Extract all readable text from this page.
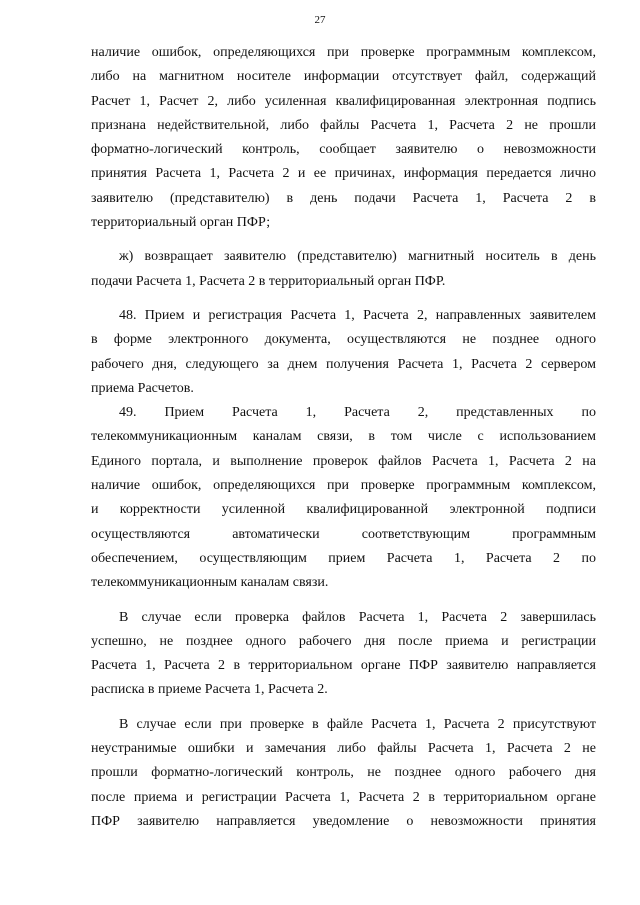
27
наличие ошибок, определяющихся при проверке программным комплексом,
либо на магнитном носителе информации отсутствует файл, содержащий
Расчет 1, Расчет 2, либо усиленная квалифицированная электронная подпись
признана недействительной, либо файлы Расчета 1, Расчета 2 не прошли
форматно-логический контроль, сообщает заявителю о невозможности
принятия Расчета 1, Расчета 2 и ее причинах, информация передается лично
заявителю (представителю) в день подачи Расчета 1, Расчета 2 в
территориальный орган ПФР;
ж) возвращает заявителю (представителю) магнитный носитель в день
подачи Расчета 1, Расчета 2 в территориальный орган ПФР.
48. Прием и регистрация Расчета 1, Расчета 2, направленных заявителем
в форме электронного документа, осуществляются не позднее одного
рабочего дня, следующего за днем получения Расчета 1, Расчета 2 сервером
приема Расчетов.
49. Прием Расчета 1, Расчета 2, представленных по
телекоммуникационным каналам связи, в том числе с использованием
Единого портала, и выполнение проверок файлов Расчета 1, Расчета 2 на
наличие ошибок, определяющихся при проверке программным комплексом,
и корректности усиленной квалифицированной электронной подписи
осуществляются автоматически соответствующим программным
обеспечением, осуществляющим прием Расчета 1, Расчета 2 по
телекоммуникационным каналам связи.
В случае если проверка файлов Расчета 1, Расчета 2 завершилась
успешно, не позднее одного рабочего дня после приема и регистрации
Расчета 1, Расчета 2 в территориальном органе ПФР заявителю направляется
расписка в приеме Расчета 1, Расчета 2.
В случае если при проверке в файле Расчета 1, Расчета 2 присутствуют
неустранимые ошибки и замечания либо файлы Расчета 1, Расчета 2 не
прошли форматно-логический контроль, не позднее одного рабочего дня
после приема и регистрации Расчета 1, Расчета 2 в территориальном органе
ПФР заявителю направляется уведомление о невозможности принятия
